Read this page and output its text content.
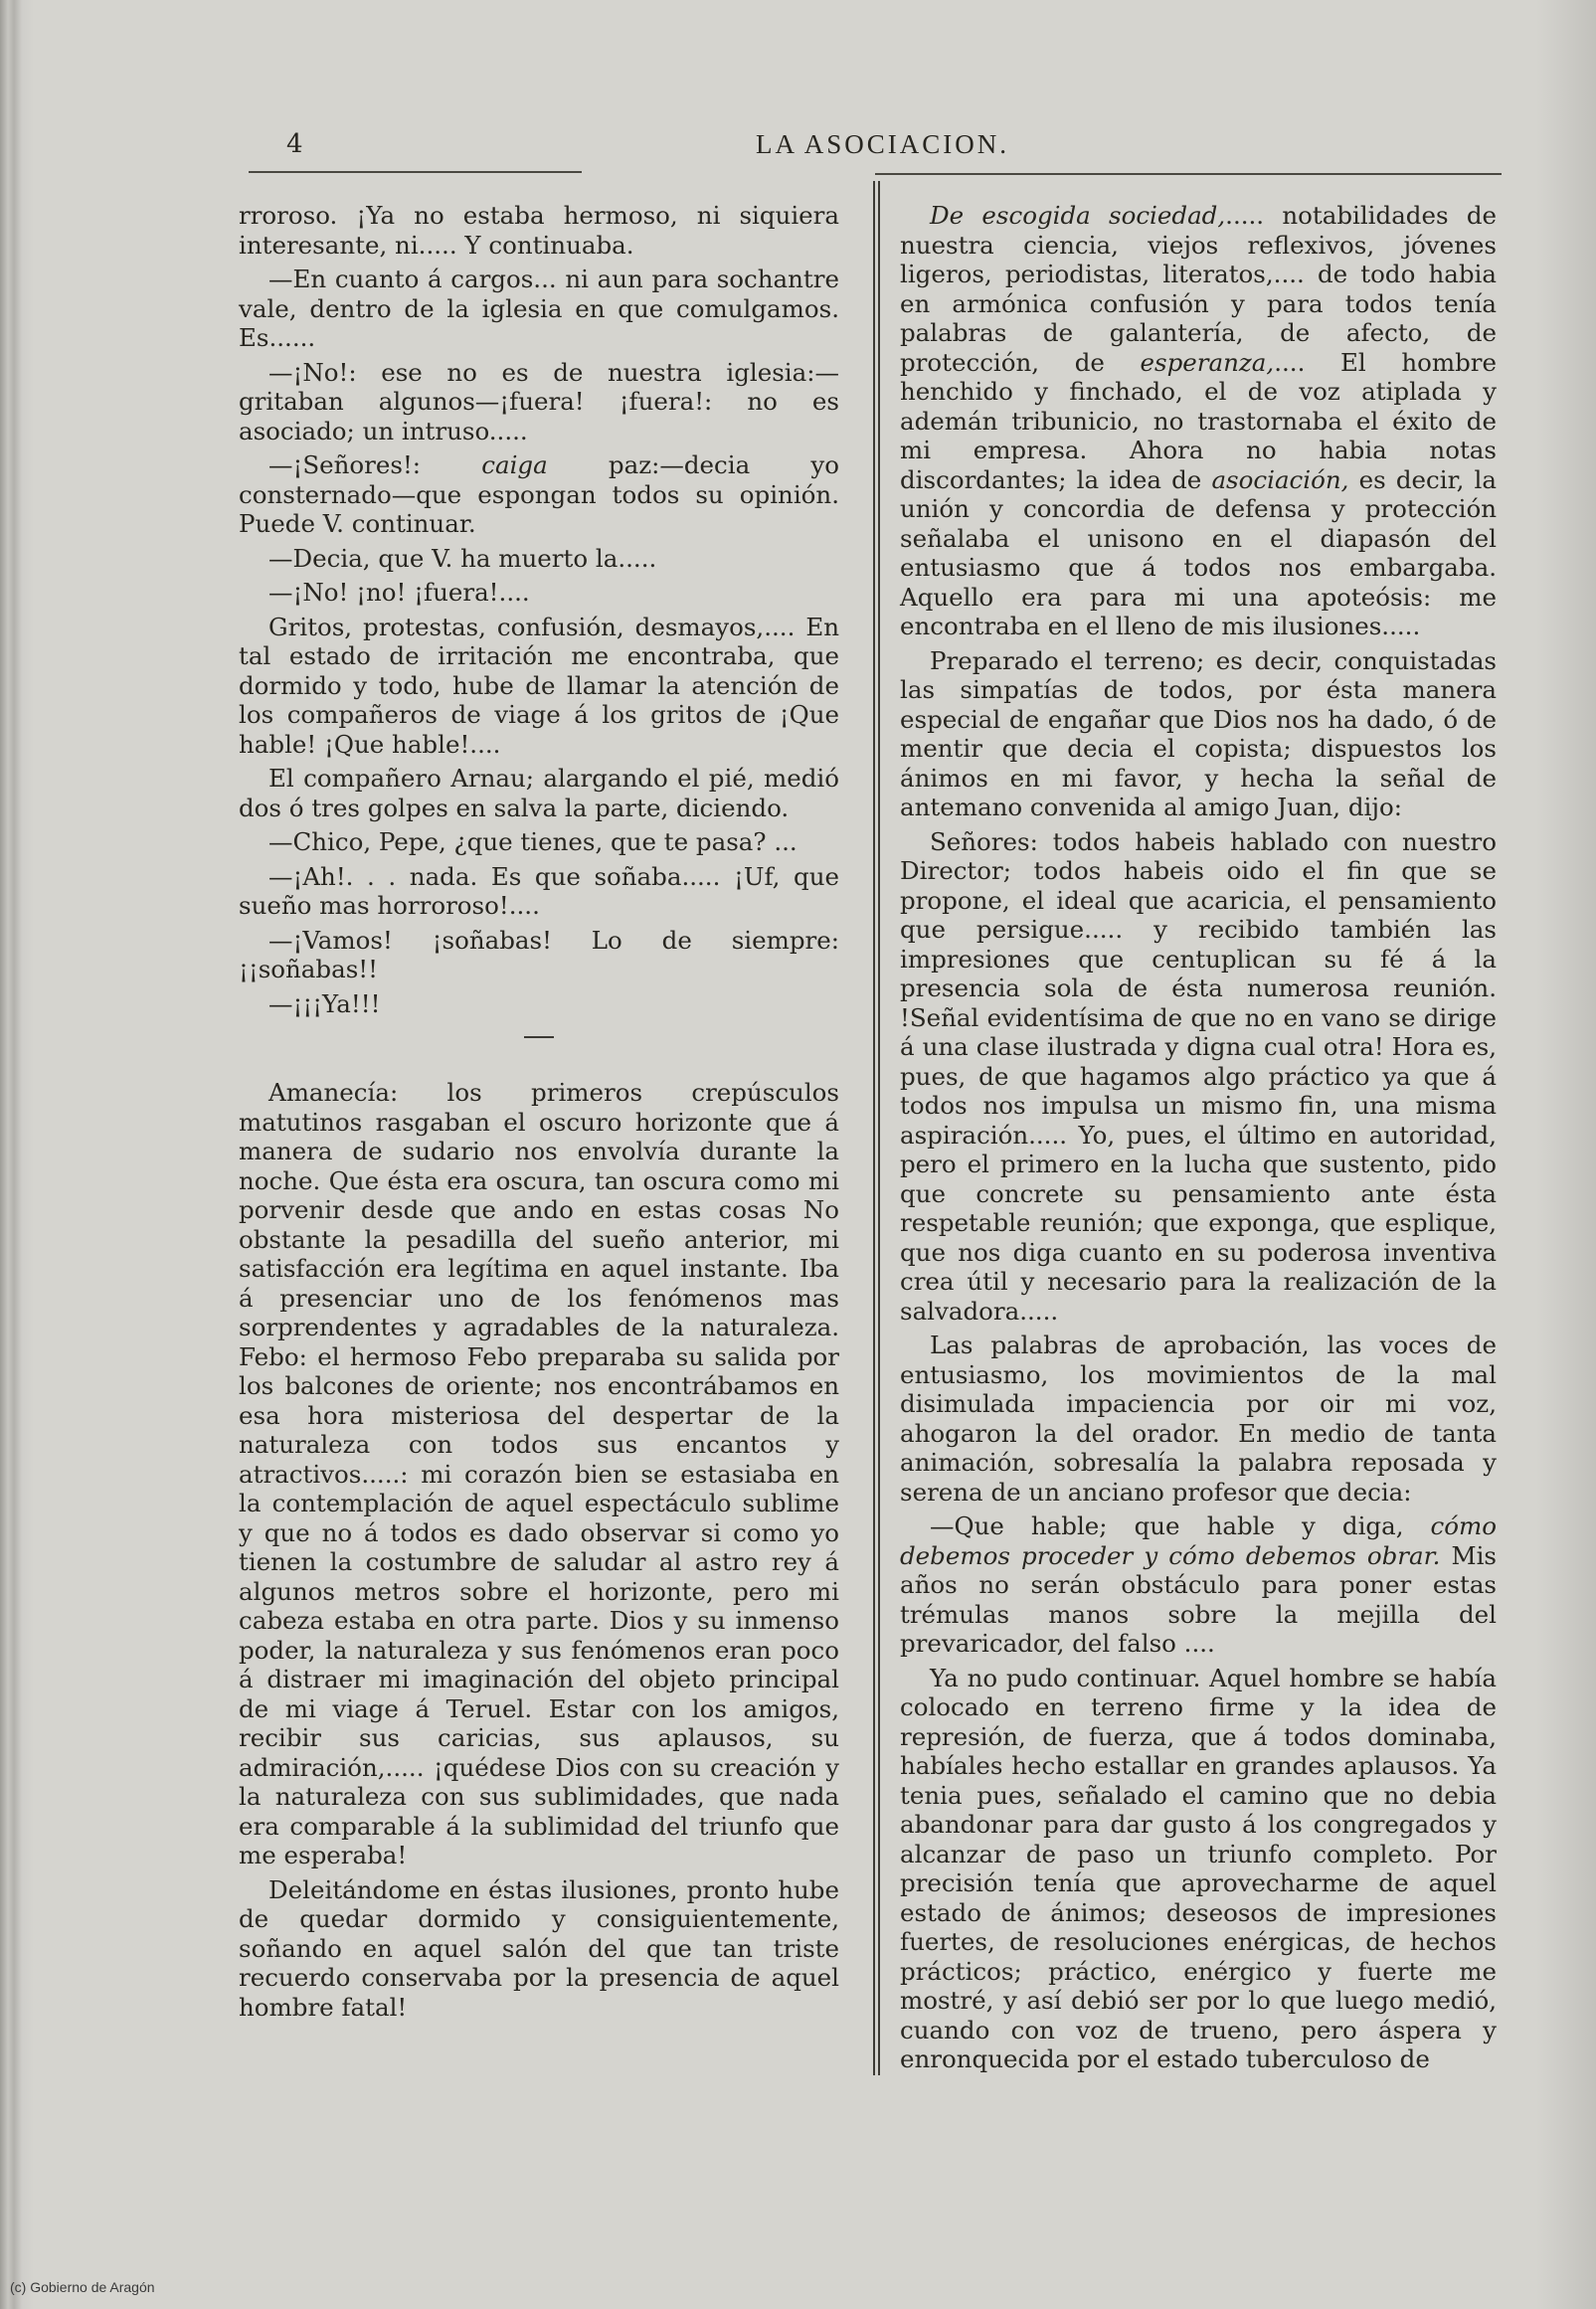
4	LA ASOCIACION.

rroroso. ¡Ya no estaba hermoso, ni siquiera interesante, ni..... Y continuaba.

—En cuanto á cargos... ni aun para sochantre vale, dentro de la iglesia en que comulgamos. Es......

—¡No!: ese no es de nuestra iglesia:—gritaban algunos—¡fuera! ¡fuera!: no es asociado; un intruso.....

—¡Señores!: caiga paz:—decia yo consternado—que espongan todos su opinión. Puede V. continuar.

—Decia, que V. ha muerto la.....

—¡No! ¡no! ¡fuera!....

Gritos, protestas, confusión, desmayos,.... En tal estado de irritación me encontraba, que dormido y todo, hube de llamar la atención de los compañeros de viage á los gritos de ¡Que hable! ¡Que hable!....

El compañero Arnau; alargando el pié, medió dos ó tres golpes en salva la parte, diciendo.

—Chico, Pepe, ¿que tienes, que te pasa? ...

—¡Ah!. . . nada. Es que soñaba..... ¡Uf, que sueño mas horroroso!....

—¡Vamos! ¡soñabas! Lo de siempre: ¡¡soñabas!!

—¡¡¡Ya!!!

Amanecía: los primeros crepúsculos matutinos rasgaban el oscuro horizonte que á manera de sudario nos envolvía durante la noche. Que ésta era oscura, tan oscura como mi porvenir desde que ando en estas cosas No obstante la pesadilla del sueño anterior, mi satisfacción era legítima en aquel instante. Iba á presenciar uno de los fenómenos mas sorprendentes y agradables de la naturaleza. Febo: el hermoso Febo preparaba su salida por los balcones de oriente; nos encontrábamos en esa hora misteriosa del despertar de la naturaleza con todos sus encantos y atractivos.....: mi corazón bien se estasiaba en la contemplación de aquel espectáculo sublime y que no á todos es dado observar si como yo tienen la costumbre de saludar al astro rey á algunos metros sobre el horizonte, pero mi cabeza estaba en otra parte. Dios y su inmenso poder, la naturaleza y sus fenómenos eran poco á distraer mi imaginación del objeto principal de mi viage á Teruel. Estar con los amigos, recibir sus caricias, sus aplausos, su admiración,..... ¡quédese Dios con su creación y la naturaleza con sus sublimidades, que nada era comparable á la sublimidad del triunfo que me esperaba!

Deleitándome en éstas ilusiones, pronto hube de quedar dormido y consiguientemente, soñando en aquel salón del que tan triste recuerdo conservaba por la presencia de aquel hombre fatal!

De escogida sociedad,..... notabilidades de nuestra ciencia, viejos reflexivos, jóvenes ligeros, periodistas, literatos,.... de todo habia en armónica confusión y para todos tenía palabras de galantería, de afecto, de protección, de esperanza,.... El hombre henchido y finchado, el de voz atiplada y ademán tribunicio, no trastornaba el éxito de mi empresa. Ahora no habia notas discordantes; la idea de asociación, es decir, la unión y concordia de defensa y protección señalaba el unisono en el diapasón del entusiasmo que á todos nos embargaba. Aquello era para mi una apoteósis: me encontraba en el lleno de mis ilusiones.....

Preparado el terreno; es decir, conquistadas las simpatías de todos, por ésta manera especial de engañar que Dios nos ha dado, ó de mentir que decia el copista; dispuestos los ánimos en mi favor, y hecha la señal de antemano convenida al amigo Juan, dijo:

Señores: todos habeis hablado con nuestro Director; todos habeis oido el fin que se propone, el ideal que acaricia, el pensamiento que persigue..... y recibido también las impresiones que centuplican su fé á la presencia sola de ésta numerosa reunión. !Señal evidentísima de que no en vano se dirige á una clase ilustrada y digna cual otra! Hora es, pues, de que hagamos algo práctico ya que á todos nos impulsa un mismo fin, una misma aspiración..... Yo, pues, el último en autoridad, pero el primero en la lucha que sustento, pido que concrete su pensamiento ante ésta respetable reunión; que exponga, que esplique, que nos diga cuanto en su poderosa inventiva crea útil y necesario para la realización de la salvadora.....

Las palabras de aprobación, las voces de entusiasmo, los movimientos de la mal disimulada impaciencia por oir mi voz, ahogaron la del orador. En medio de tanta animación, sobresalía la palabra reposada y serena de un anciano profesor que decia:

—Que hable; que hable y diga, cómo debemos proceder y cómo debemos obrar. Mis años no serán obstáculo para poner estas trémulas manos sobre la mejilla del prevaricador, del falso ....

Ya no pudo continuar. Aquel hombre se había colocado en terreno firme y la idea de represión, de fuerza, que á todos dominaba, habíales hecho estallar en grandes aplausos. Ya tenia pues, señalado el camino que no debia abandonar para dar gusto á los congregados y alcanzar de paso un triunfo completo. Por precisión tenía que aprovecharme de aquel estado de ánimos; deseosos de impresiones fuertes, de resoluciones enérgicas, de hechos prácticos; práctico, enérgico y fuerte me mostré, y así debió ser por lo que luego medió, cuando con voz de trueno, pero áspera y enronquecida por el estado tuberculoso de

(c) Gobierno de Aragón
